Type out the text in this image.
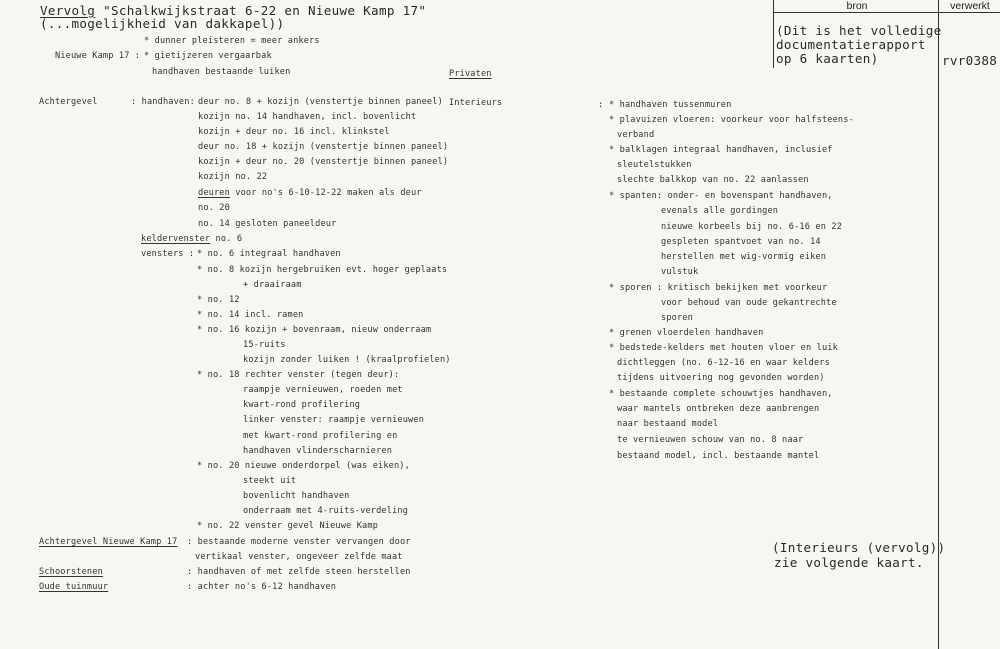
bron	verwerkt
Vervolg "Schalkwijkstraat 6-22 en Nieuwe Kamp 17"
(...mogelijkheid van dakkapel))
* dunner pleisteren = meer ankers
Nieuwe Kamp 17 : * gietijzeren vergaarbak
handhaven bestaande luiken	Privaten
Achtergevel	: handhaven: deur no. 8 + kozijn (venstertje binnen paneel)
kozijn no. 14 handhaven, incl. bovenlicht
kozijn + deur no. 16 incl. klinkstel
deur no. 18 + kozijn (venstertje binnen paneel)
kozijn + deur no. 20 (venstertje binnen paneel)
kozijn no. 22
deuren voor no's 6-10-12-22 maken als deur
no. 20
no. 14 gesloten paneeldeur
keldervenster no. 6
vensters : * no. 6 integraal handhaven
* no. 8 kozijn hergebruiken evt. hoger geplaats
+ draairaam
* no. 12
* no. 14 incl. ramen
* no. 16 kozijn + bovenraam, nieuw onderraam
15-ruits
kozijn zonder luiken ! (kraalprofielen)
* no. 18 rechter venster (tegen deur):
raampje vernieuwen, roeden met
kwart-rond profilering
linker venster: raampje vernieuwen
met kwart-rond profilering en
handhaven vlinderscharnieren
* no. 20 nieuwe onderdorpel (was eiken),
steekt uit
bovenlicht handhaven
onderraam met 4-ruits-verdeling
* no. 22 venster gevel Nieuwe Kamp
Achtergevel Nieuwe Kamp 17 : bestaande moderne venster vervangen door
vertikaal venster, ongeveer zelfde maat
Schoorstenen	: handhaven of met zelfde steen herstellen
Oude tuinmuur	: achter no's 6-12 handhaven
Interieurs	: * handhaven tussenmuren
* plavuizen vloeren: voorkeur voor halfsteens-
verband
* balklagen integraal handhaven, inclusief
sleutelstukken
slechte balkkop van no. 22 aanlassen
* spanten: onder- en bovenspant handhaven,
evenals alle gordingen
nieuwe korbeels bij no. 6-16 en 22
gespleten spantvoet van no. 14
herstellen met wig-vormig eiken
vulstuk
* sporen : kritisch bekijken met voorkeur
voor behoud van oude gekantrechte
sporen
* grenen vloerdelen handhaven
* bedstede-kelders met houten vloer en luik
dichtleggen (no. 6-12-16 en waar kelders
tijdens uitvoering nog gevonden worden)
* bestaande complete schouwtjes handhaven,
waar mantels ontbreken deze aanbrengen
naar bestaand model
te vernieuwen schouw van no. 8 naar
bestaand model, incl. bestaande mantel
(Dit is het volledige
documentatierapport
op 6 kaarten)	rvr0388
(Interieurs (vervolg))
zie volgende kaart.
